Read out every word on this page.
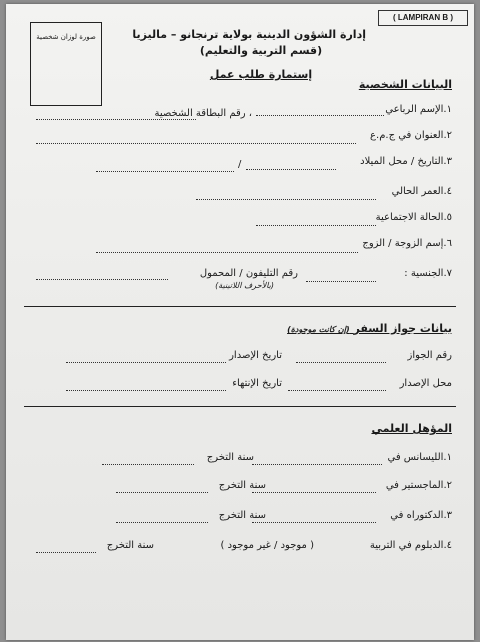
( LAMPIRAN B )
صورة لوزان شخصية	إدارة الشؤون الدينية بولاية ترنجانو – ماليزيا
(قسم التربية والتعليم)
إستمارة طلب عمل
البيانات الشخصية
١.الإسم الرباعي
، رقم البطاقة الشخصية
٢.العنوان في ج.م.ع
٣.التاريخ / محل الميلاد
/
٤.العمر الحالي
٥.الحالة الاجتماعية
٦.إسم الزوجة / الزوج
٧.الجنسية :
رقم التليفون / المحمول
(بالأحرف اللاتينية)
بيانات جواز السفر (إن كانت موجودة)
رقم الجواز
تاريخ الإصدار
محل الإصدار
تاريخ الإنتهاء
المؤهل العلمي
١.الليسانس في
سنة التخرج
٢.الماجستير في
سنة التخرج
٣.الدكتوراه في
سنة التخرج
٤.الدبلوم في التربية
( موجود / غير موجود )
سنة التخرج
